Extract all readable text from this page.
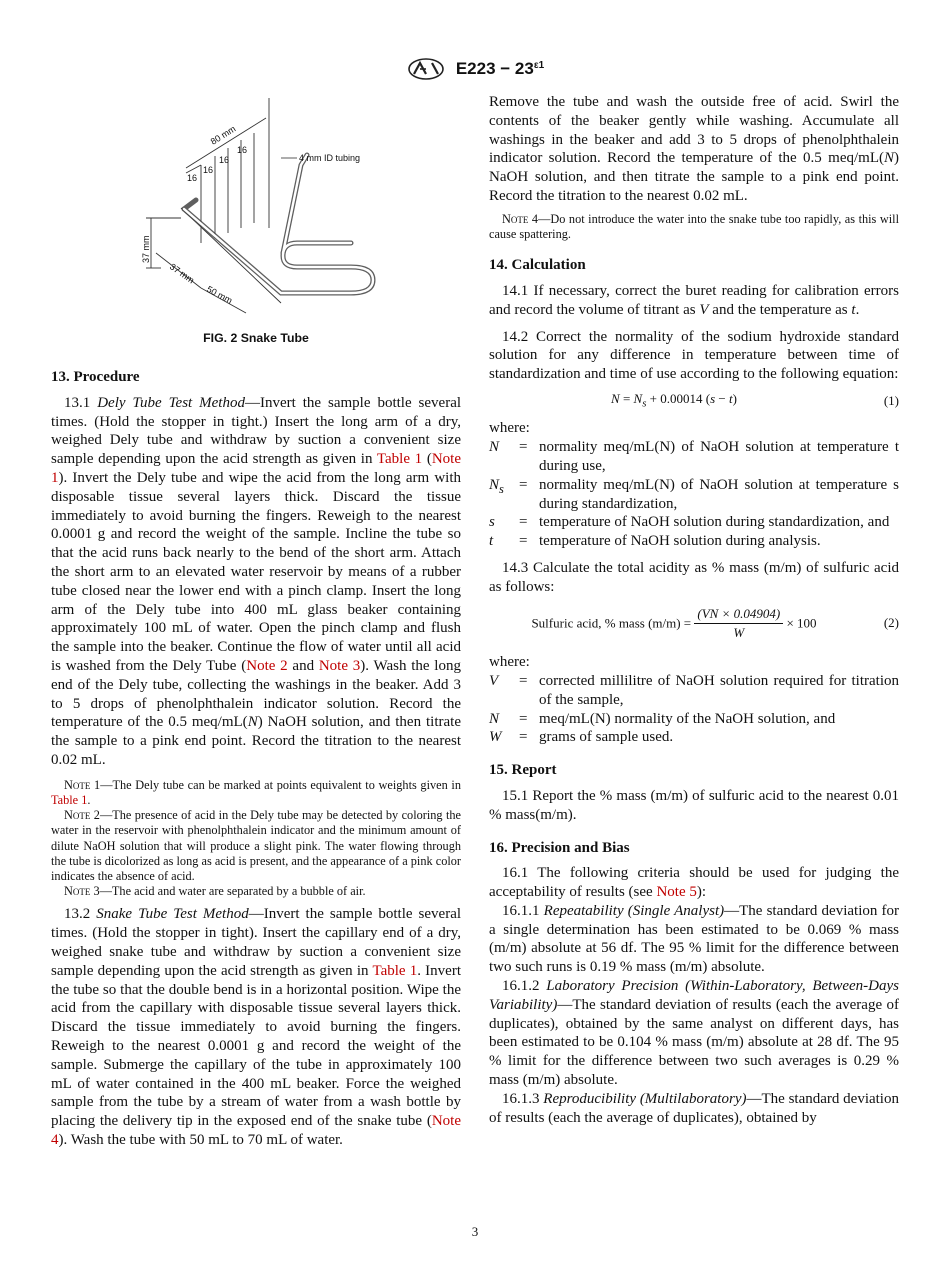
$E223 - 23^{\varepsilon 1}$
80 mm
16
16
16
16
4 mm ID tubing
37 mm
37 mm
50 mm
FIG. 2 Snake Tube
13. Procedure

13.1 Dely Tube Test Method—Invert the sample bottle several times. (Hold the stopper in tight.) Insert the long arm of a dry, weighed Dely tube and withdraw by suction a convenient size sample depending upon the acid strength as given in Table 1 (Note 1). Invert the Dely tube and wipe the acid from the long arm with disposable tissue several layers thick. Discard the tissue immediately to avoid burning the fingers. Reweigh to the nearest 0.0001 g and record the weight of the sample. Incline the tube so that the acid runs back nearly to the bend of the short arm. Attach the short arm to an elevated water reservoir by means of a rubber tube closed near the lower end with a pinch clamp. Insert the long arm of the Dely tube into 400 mL glass beaker containing approximately 100 mL of water. Open the pinch clamp and flush the sample into the beaker. Continue the flow of water until all acid is washed from the Dely Tube (Note 2 and Note 3). Wash the long end of the Dely tube, collecting the washings in the beaker. Add 3 to 5 drops of phenolphthalein indicator solution. Record the temperature of the 0.5 meq/mL(N) NaOH solution, and then titrate the sample to a pink end point. Record the titration to the nearest 0.02 mL.

Note 1—The Dely tube can be marked at points equivalent to weights given in Table 1.

Note 2—The presence of acid in the Dely tube may be detected by coloring the water in the reservoir with phenolphthalein indicator and the minimum amount of dilute NaOH solution that will produce a slight pink. The water flowing through the tube is dicolorized as long as acid is present, and the appearance of a pink color indicates the absence of acid.

Note 3—The acid and water are separated by a bubble of air.

13.2 Snake Tube Test Method—Invert the sample bottle several times. (Hold the stopper in tight). Insert the capillary end of a dry, weighed snake tube and withdraw by suction a convenient size sample depending upon the acid strength as given in Table 1. Invert the tube so that the double bend is in a horizontal position. Wipe the acid from the capillary with disposable tissue several layers thick. Discard the tissue immediately to avoid burning the fingers. Reweigh to the nearest 0.0001 g and record the weight of the sample. Submerge the capillary of the tube in approximately 100 mL of water contained in the 400 mL beaker. Force the weighed sample from the tube by a stream of water from a wash bottle by placing the delivery tip in the exposed end of the snake tube (Note 4). Wash the tube with 50 mL to 70 mL of water.

Remove the tube and wash the outside free of acid. Swirl the contents of the beaker gently while washing. Accumulate all washings in the beaker and add 3 to 5 drops of phenolphthalein indicator solution. Record the temperature of the 0.5 meq/mL(N) NaOH solution, and then titrate the sample to a pink end point. Record the titration to the nearest 0.02 mL.

Note 4—Do not introduce the water into the snake tube too rapidly, as this will cause spattering.

14. Calculation

14.1 If necessary, correct the buret reading for calibration errors and record the volume of titrant as V and the temperature as t.

14.2 Correct the normality of the sodium hydroxide standard solution for any difference in temperature between time of standardization and time of use according to the following equation:

$N = N_s + 0.00014$ (s − t)	(1)

where:

N	= normality meq/mL(N) of NaOH solution at temperature t during use,
$N_s$	= normality meq/mL(N) of NaOH solution at temperature s during standardization,
s	= temperature of NaOH solution during standardization, and
t	= temperature of NaOH solution during analysis.

14.3 Calculate the total acidity as % mass (m/m) of sulfuric acid as follows:

Sulfuric acid, % mass $(m/m) = \frac{(VN \times 0.04904)}{W} \times 100$	(2)

where:

V	= corrected millilitre of NaOH solution required for titration of the sample,
N	= meq/mL(N) normality of the NaOH solution, and
W	= grams of sample used.
15. Report

15.1 Report the % mass (m/m) of sulfuric acid to the nearest 0.01 % mass(m/m).

16. Precision and Bias

16.1 The following criteria should be used for judging the acceptability of results (see Note 5):

16.1.1 Repeatability (Single Analyst)—The standard deviation for a single determination has been estimated to be 0.069 % mass (m/m) absolute at 56 df. The 95 % limit for the difference between two such runs is 0.19 % mass (m/m) absolute.

16.1.2 Laboratory Precision (Within-Laboratory, Between-Days Variability)—The standard deviation of results (each the average of duplicates), obtained by the same analyst on different days, has been estimated to be 0.104 % mass (m/m) absolute at 28 df. The 95 % limit for the difference between two such averages is 0.29 % mass (m/m) absolute.

16.1.3 Reproducibility (Multilaboratory)—The standard deviation of results (each the average of duplicates), obtained by

3
